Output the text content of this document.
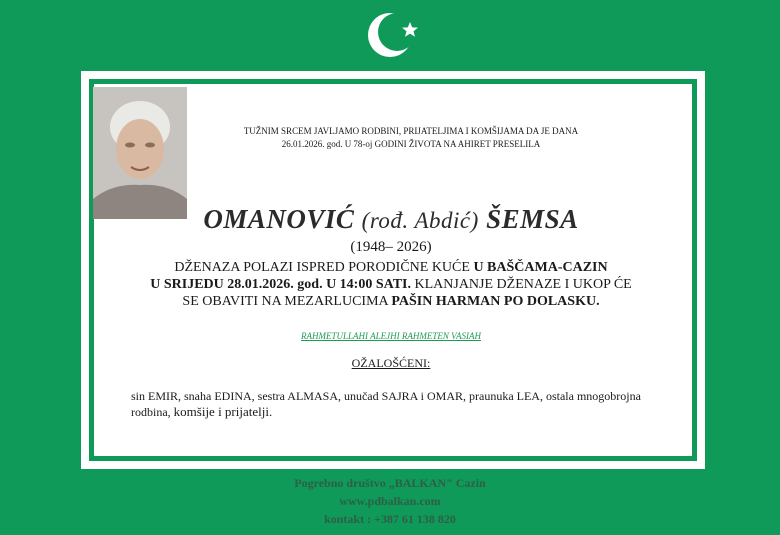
TUŽNIM SRCEM JAVLJAMO RODBINI, PRIJATELJIMA I KOMŠIJAMA DA JE DANA
26.01.2026. god. U 78-oj GODINI ŽIVOTA NA AHIRET PRESELILA
OMANOVIĆ (rođ. Abdić) ŠEMSA
(1948– 2026)
DŽENAZA POLAZI ISPRED PORODIČNE KUĆE U BAŠČAMA-CAZIN
U SRIJEDU 28.01.2026. god. U 14:00 SATI. KLANJANJE DŽENAZE I UKOP ĆE
SE OBAVITI NA MEZARLUCIMA PAŠIN HARMAN PO DOLASKU.
RAHMETULLAHI ALEJHI RAHMETEN VASIAH
OŽALOŠĆENI:
sin EMIR, snaha EDINA, sestra ALMASA, unučad SAJRA i OMAR, praunuka LEA, ostala mnogobrojna rodbina, komšije i prijatelji.
Pogrebno društvo „BALKAN" Cazin
www.pdbalkan.com
kontakt : +387 61 138 820
